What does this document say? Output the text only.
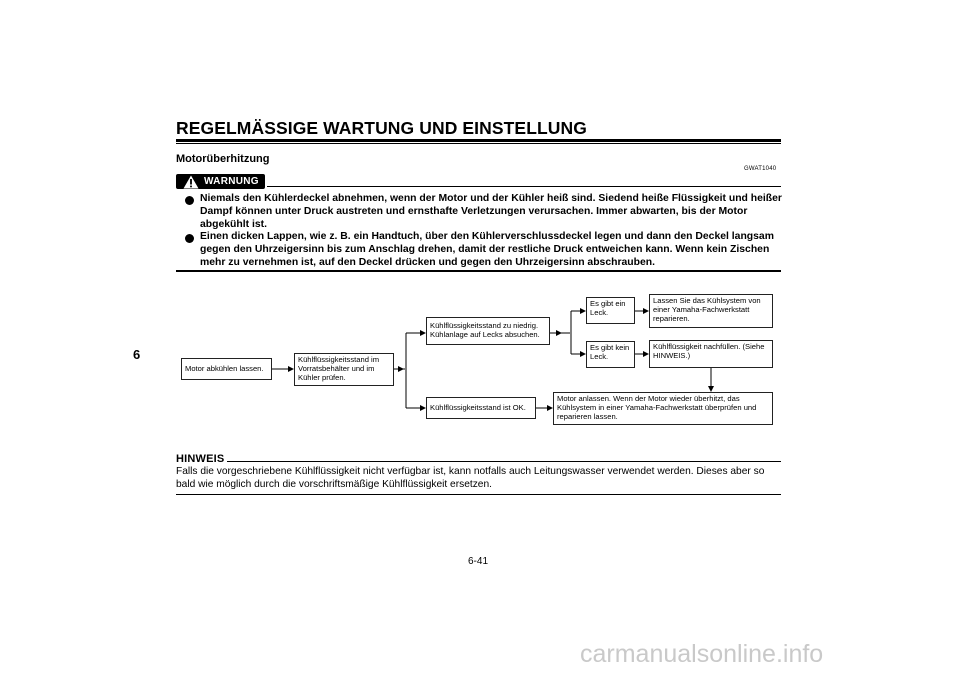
REGELMÄSSIGE WARTUNG UND EINSTELLUNG
6
Motorüberhitzung
GWAT1040
WARNUNG
Niemals den Kühlerdeckel abnehmen, wenn der Motor und der Kühler heiß sind. Siedend heiße Flüssigkeit und heißer Dampf können unter Druck austreten und ernsthafte Verletzungen verursachen. Immer abwarten, bis der Motor abgekühlt ist.
Einen dicken Lappen, wie z. B. ein Handtuch, über den Kühlerverschlussdeckel legen und dann den Deckel langsam gegen den Uhrzeigersinn bis zum Anschlag drehen, damit der restliche Druck entweichen kann. Wenn kein Zischen mehr zu vernehmen ist, auf den Deckel drücken und gegen den Uhrzeigersinn abschrauben.
Motor abkühlen lassen.
Kühlflüssigkeitsstand im Vorratsbehälter und im Kühler prüfen.
Kühlflüssigkeitsstand zu niedrig. Kühlanlage auf Lecks absuchen.
Kühlflüssigkeitsstand ist OK.
Es gibt ein Leck.
Es gibt kein Leck.
Lassen Sie das Kühlsystem von einer Yamaha-Fachwerkstatt reparieren.
Kühlflüssigkeit nachfüllen. (Siehe HINWEIS.)
Motor anlassen. Wenn der Motor wieder überhitzt, das Kühlsystem in einer Yamaha-Fachwerkstatt überprüfen und reparieren lassen.
HINWEIS
Falls die vorgeschriebene Kühlflüssigkeit nicht verfügbar ist, kann notfalls auch Leitungswasser verwendet werden. Dieses aber so bald wie möglich durch die vorschriftsmäßige Kühlflüssigkeit ersetzen.
6-41
carmanualsonline.info
